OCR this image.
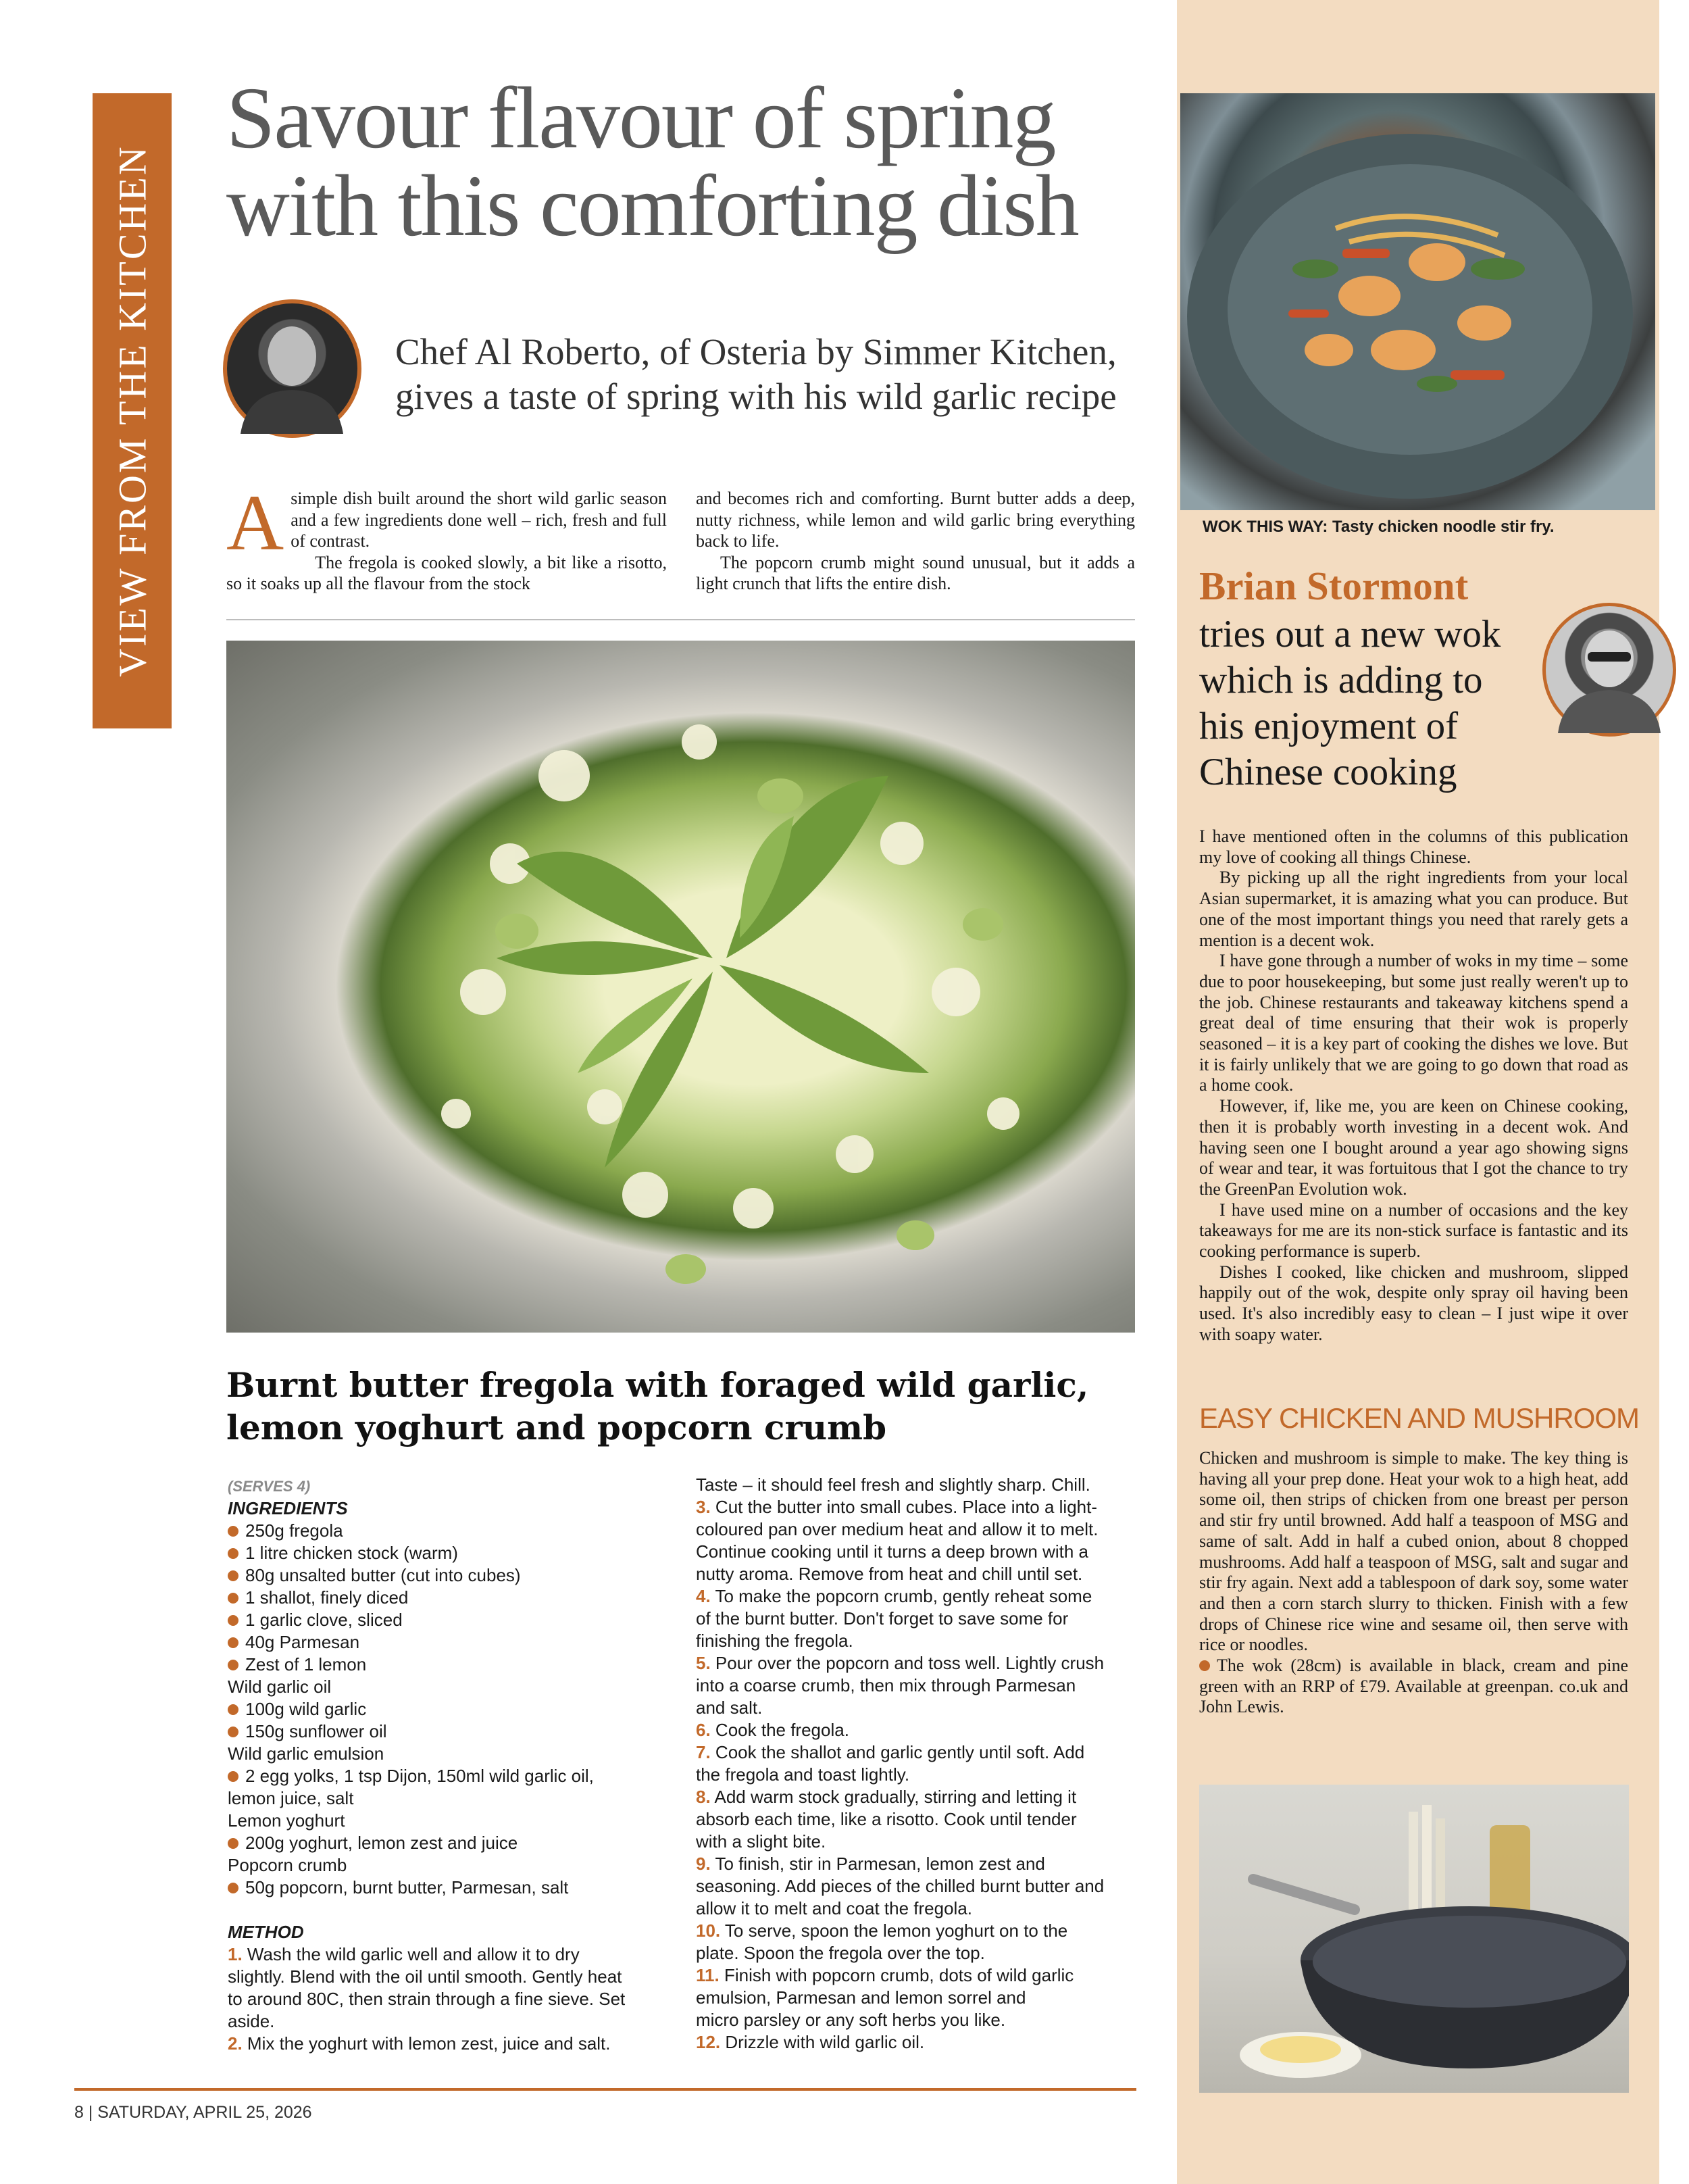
VIEW FROM THE KITCHEN
Savour flavour of spring
with this comforting dish
Chef Al Roberto, of Osteria by Simmer Kitchen, gives a taste of spring with his wild garlic recipe
A simple dish built around the short wild garlic season and a few ingredients done well – rich, fresh and full of contrast.

The fregola is cooked slowly, a bit like a risotto, so it soaks up all the flavour from the stock

and becomes rich and comforting. Burnt butter adds a deep, nutty richness, while lemon and wild garlic bring everything back to life.

The popcorn crumb might sound unusual, but it adds a light crunch that lifts the entire dish.

Burnt butter fregola with foraged wild garlic, lemon yoghurt and popcorn crumb
(SERVES 4)
INGREDIENTS
250g fregola
1 litre chicken stock (warm)
80g unsalted butter (cut into cubes)
1 shallot, finely diced
1 garlic clove, sliced
40g Parmesan
Zest of 1 lemon
Wild garlic oil
100g wild garlic
150g sunflower oil
Wild garlic emulsion
2 egg yolks, 1 tsp Dijon, 150ml wild garlic oil,
lemon juice, salt
Lemon yoghurt
200g yoghurt, lemon zest and juice
Popcorn crumb
50g popcorn, burnt butter, Parmesan, salt
METHOD
1. Wash the wild garlic well and allow it to dry
slightly. Blend with the oil until smooth. Gently heat
to around 80C, then strain through a fine sieve. Set
aside.
2. Mix the yoghurt with lemon zest, juice and salt.
Taste – it should feel fresh and slightly sharp. Chill.
3. Cut the butter into small cubes. Place into a light-
coloured pan over medium heat and allow it to melt.
Continue cooking until it turns a deep brown with a
nutty aroma. Remove from heat and chill until set.
4. To make the popcorn crumb, gently reheat some
of the burnt butter. Don't forget to save some for
finishing the fregola.
5. Pour over the popcorn and toss well. Lightly crush
into a coarse crumb, then mix through Parmesan
and salt.
6. Cook the fregola.
7. Cook the shallot and garlic gently until soft. Add
the fregola and toast lightly.
8. Add warm stock gradually, stirring and letting it
absorb each time, like a risotto. Cook until tender
with a slight bite.
9. To finish, stir in Parmesan, lemon zest and
seasoning. Add pieces of the chilled burnt butter and
allow it to melt and coat the fregola.
10. To serve, spoon the lemon yoghurt on to the
plate. Spoon the fregola over the top.
11. Finish with popcorn crumb, dots of wild garlic
emulsion, Parmesan and lemon sorrel and
micro parsley or any soft herbs you like.
12. Drizzle with wild garlic oil.
8 | SATURDAY, APRIL 25, 2026
WOK THIS WAY: Tasty chicken noodle stir fry.
Brian Stormont
tries out a new wok which is adding to his enjoyment of Chinese cooking

I have mentioned often in the columns of this publication my love of cooking all things Chinese.

By picking up all the right ingredients from your local Asian supermarket, it is amazing what you can produce. But one of the most important things you need that rarely gets a mention is a decent wok.

I have gone through a number of woks in my time – some due to poor housekeeping, but some just really weren't up to the job. Chinese restaurants and takeaway kitchens spend a great deal of time ensuring that their wok is properly seasoned – it is a key part of cooking the dishes we love. But it is fairly unlikely that we are going to go down that road as a home cook.

However, if, like me, you are keen on Chinese cooking, then it is probably worth investing in a decent wok. And having seen one I bought around a year ago showing signs of wear and tear, it was fortuitous that I got the chance to try the GreenPan Evolution wok.

I have used mine on a number of occasions and the key takeaways for me are its non-stick surface is fantastic and its cooking performance is superb.

Dishes I cooked, like chicken and mushroom, slipped happily out of the wok, despite only spray oil having been used. It's also incredibly easy to clean – I just wipe it over with soapy water.

EASY CHICKEN AND MUSHROOM

Chicken and mushroom is simple to make. The key thing is having all your prep done. Heat your wok to a high heat, add some oil, then strips of chicken from one breast per person and stir fry until browned. Add half a teaspoon of MSG and same of salt. Add in half a cubed onion, about 8 chopped mushrooms. Add half a teaspoon of MSG, salt and sugar and stir fry again. Next add a tablespoon of dark soy, some water and then a corn starch slurry to thicken. Finish with a few drops of Chinese rice wine and sesame oil, then serve with rice or noodles.

The wok (28cm) is available in black, cream and pine green with an RRP of £79. Available at greenpan. co.uk and John Lewis.
